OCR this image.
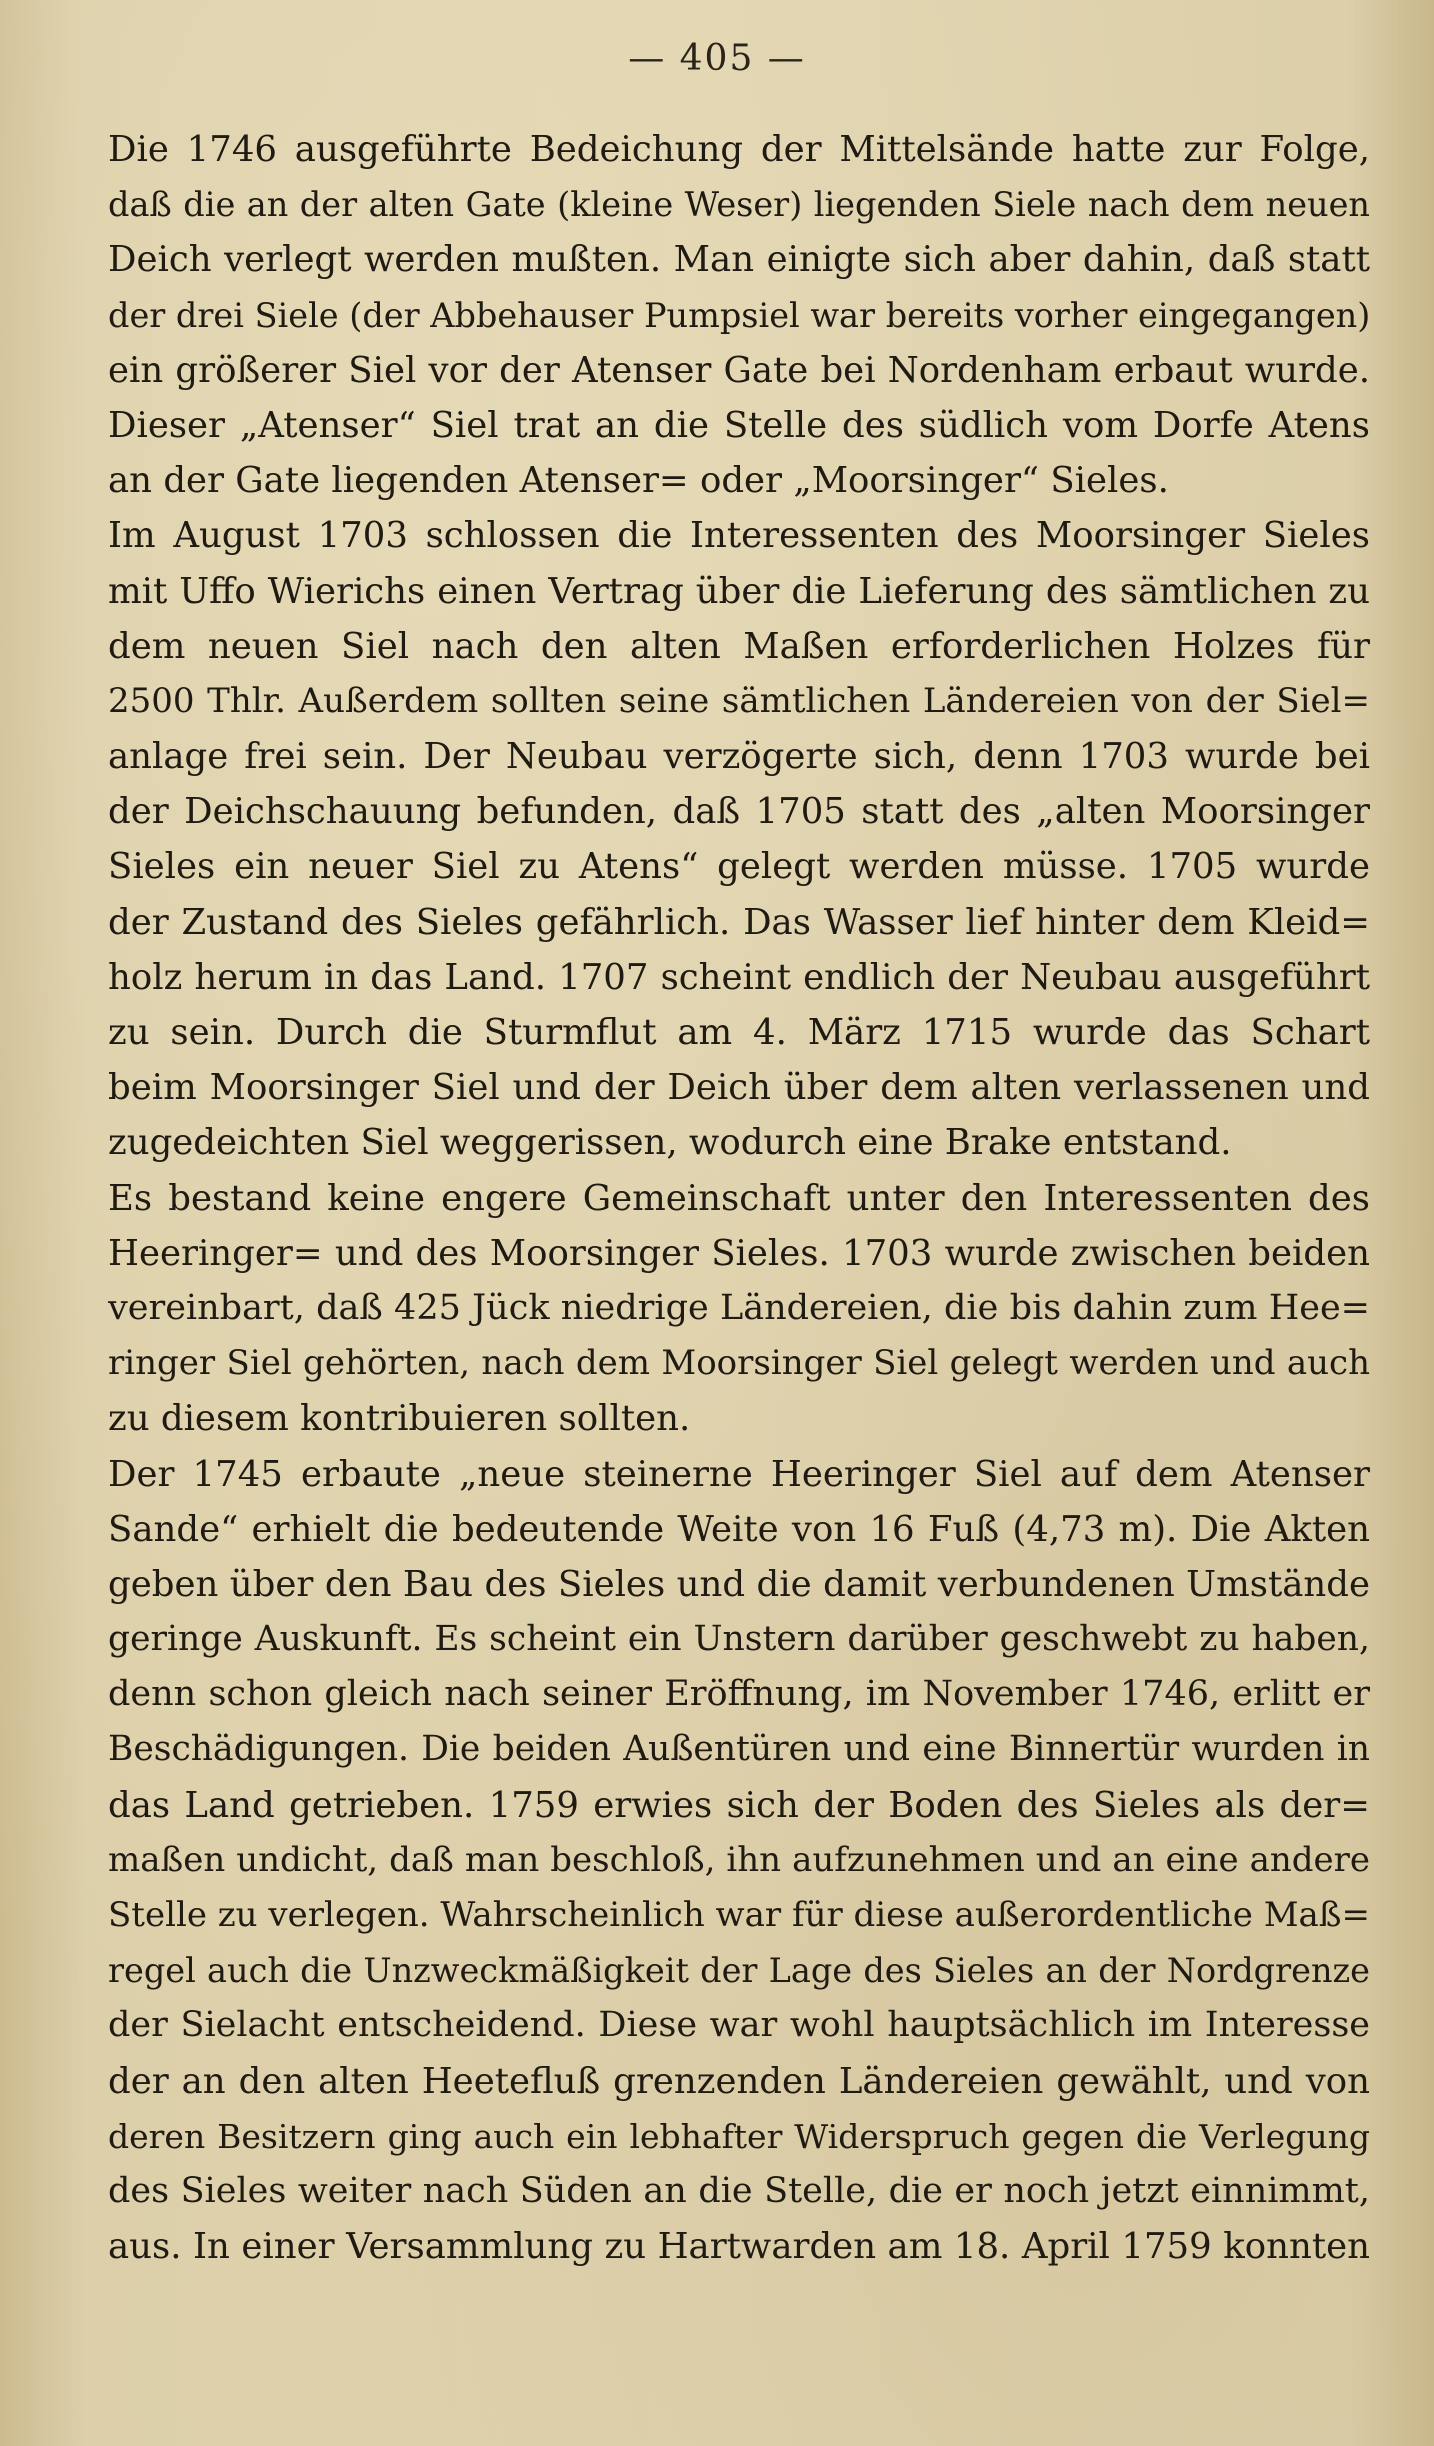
— 405 —
Die 1746 ausgeführte Bedeichung der Mittelsände hatte zur Folge,
daß die an der alten Gate (kleine Weser) liegenden Siele nach dem neuen
Deich verlegt werden mußten. Man einigte sich aber dahin, daß statt
der drei Siele (der Abbehauser Pumpsiel war bereits vorher eingegangen)
ein größerer Siel vor der Atenser Gate bei Nordenham erbaut wurde.
Dieser „Atenser“ Siel trat an die Stelle des südlich vom Dorfe Atens
an der Gate liegenden Atenser= oder „Moorsinger“ Sieles.
Im August 1703 schlossen die Interessenten des Moorsinger Sieles
mit Uffo Wierichs einen Vertrag über die Lieferung des sämtlichen zu
dem neuen Siel nach den alten Maßen erforderlichen Holzes für
2500 Thlr. Außerdem sollten seine sämtlichen Ländereien von der Siel=
anlage frei sein. Der Neubau verzögerte sich, denn 1703 wurde bei
der Deichschauung befunden, daß 1705 statt des „alten Moorsinger
Sieles ein neuer Siel zu Atens“ gelegt werden müsse. 1705 wurde
der Zustand des Sieles gefährlich. Das Wasser lief hinter dem Kleid=
holz herum in das Land. 1707 scheint endlich der Neubau ausgeführt
zu sein. Durch die Sturmflut am 4. März 1715 wurde das Schart
beim Moorsinger Siel und der Deich über dem alten verlassenen und
zugedeichten Siel weggerissen, wodurch eine Brake entstand.
Es bestand keine engere Gemeinschaft unter den Interessenten des
Heeringer= und des Moorsinger Sieles. 1703 wurde zwischen beiden
vereinbart, daß 425 Jück niedrige Ländereien, die bis dahin zum Hee=
ringer Siel gehörten, nach dem Moorsinger Siel gelegt werden und auch
zu diesem kontribuieren sollten.
Der 1745 erbaute „neue steinerne Heeringer Siel auf dem Atenser
Sande“ erhielt die bedeutende Weite von 16 Fuß (4,73 m). Die Akten
geben über den Bau des Sieles und die damit verbundenen Umstände
geringe Auskunft. Es scheint ein Unstern darüber geschwebt zu haben,
denn schon gleich nach seiner Eröffnung, im November 1746, erlitt er
Beschädigungen. Die beiden Außentüren und eine Binnertür wurden in
das Land getrieben. 1759 erwies sich der Boden des Sieles als der=
maßen undicht, daß man beschloß, ihn aufzunehmen und an eine andere
Stelle zu verlegen. Wahrscheinlich war für diese außerordentliche Maß=
regel auch die Unzweckmäßigkeit der Lage des Sieles an der Nordgrenze
der Sielacht entscheidend. Diese war wohl hauptsächlich im Interesse
der an den alten Heetefluß grenzenden Ländereien gewählt, und von
deren Besitzern ging auch ein lebhafter Widerspruch gegen die Verlegung
des Sieles weiter nach Süden an die Stelle, die er noch jetzt einnimmt,
aus. In einer Versammlung zu Hartwarden am 18. April 1759 konnten
